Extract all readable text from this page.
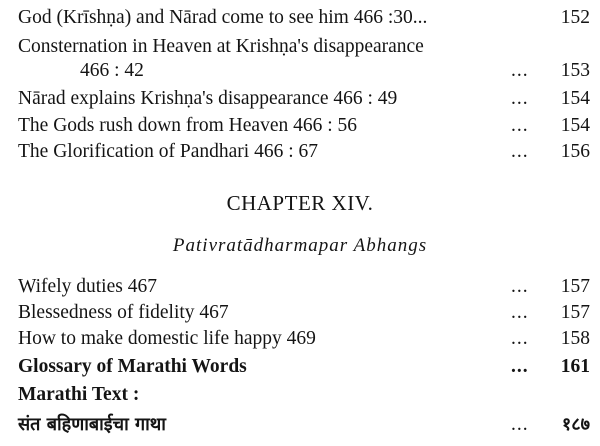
God (Krīshṇa) and Nārad come to see him 466 :30...	152
Consternation in Heaven at Krishṇa's disappearance
466 : 42	...	153
Nārad explains Krishṇa's disappearance 466 : 49	...	154
The Gods rush down from Heaven 466 : 56	...	154
The Glorification of Pandhari 466 : 67	...	156
CHAPTER XIV.
Pativratādharmapar Abhangs
Wifely duties 467	...	157
Blessedness of fidelity 467	...	157
How to make domestic life happy 469	...	158
Glossary of Marathi Words	...	161
Marathi Text :
संत बहिणाबाईचा गाथा	...	१८७
